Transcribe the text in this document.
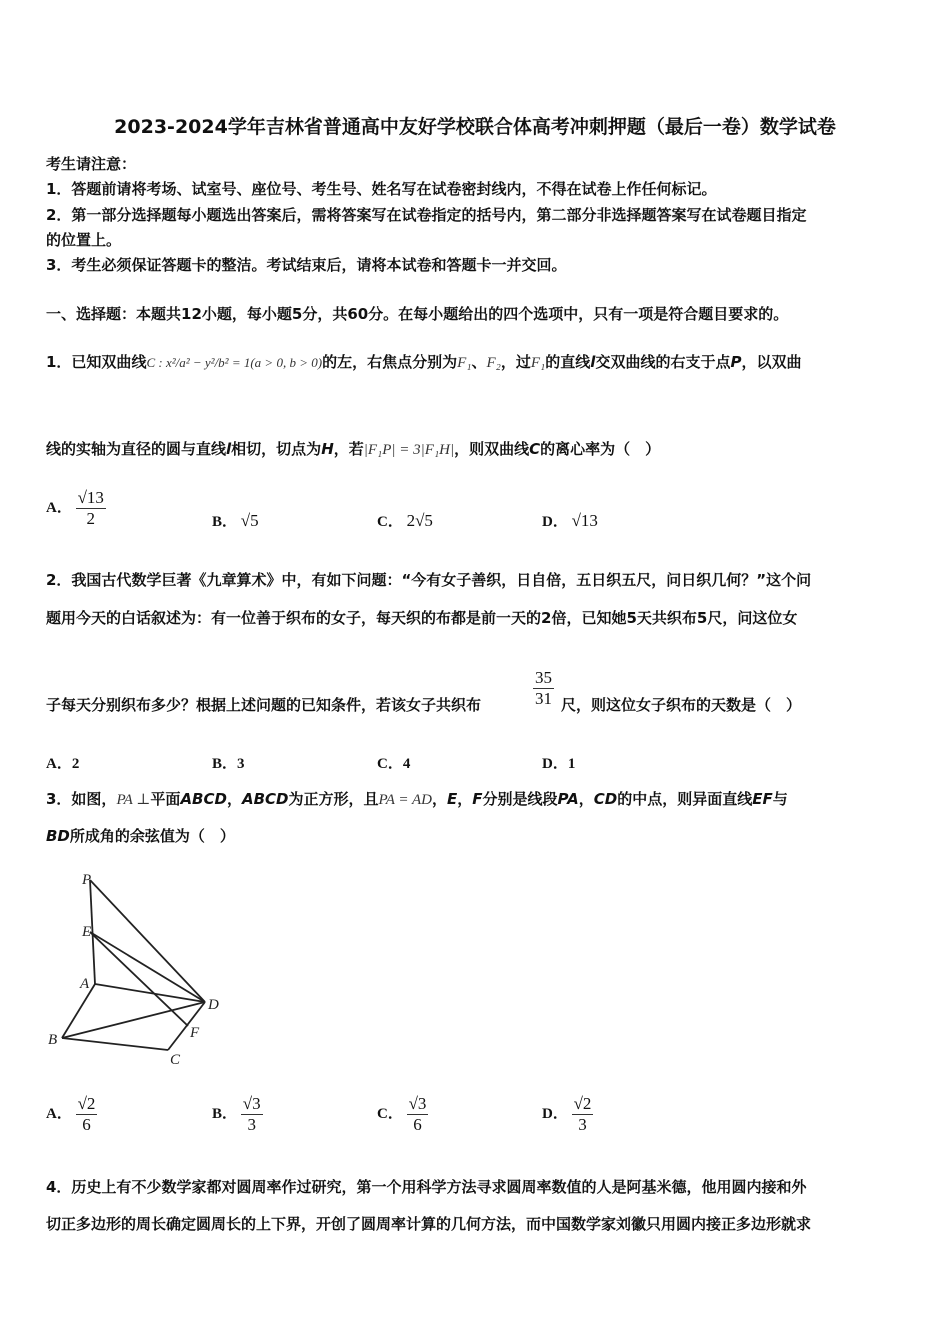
2023-2024学年吉林省普通高中友好学校联合体高考冲刺押题（最后一卷）数学试卷
考生请注意：
1．答题前请将考场、试室号、座位号、考生号、姓名写在试卷密封线内，不得在试卷上作任何标记。
2．第一部分选择题每小题选出答案后，需将答案写在试卷指定的括号内，第二部分非选择题答案写在试卷题目指定
的位置上。
3．考生必须保证答题卡的整洁。考试结束后，请将本试卷和答题卡一并交回。
一、选择题：本题共12小题，每小题5分，共60分。在每小题给出的四个选项中，只有一项是符合题目要求的。
1．已知双曲线C : x²/a² − y²/b² = 1(a > 0, b > 0)的左，右焦点分别为F₁、F₂，过F₁的直线l交双曲线的右支于点P，以双曲
线的实轴为直径的圆与直线l相切，切点为H，若|F₁P| = 3|F₁H|，则双曲线C的离心率为（　）
A． $\frac{√13}{2}$	B． √5	C． 2√5	D． √13
2．我国古代数学巨著《九章算术》中，有如下问题：“今有女子善织，日自倍，五日织五尺，问日织几何？”这个问
题用今天的白话叙述为：有一位善于织布的女子，每天织的布都是前一天的2倍，已知她5天共织布5尺，问这位女
子每天分别织布多少？根据上述问题的已知条件，若该女子共织布	$\frac{35}{31}$ 尺，则这位女子织布的天数是（　）
A．2	B．3	C．4	D．1
3．如图，PA ⊥平面ABCD，ABCD为正方形，且PA = AD，E，F分别是线段PA，CD的中点，则异面直线EF与
BD所成角的余弦值为（　）
P
E
A
D
B	F
C
A． $\frac{√2}{6}$	B． $\frac{√3}{3}$	C． $\frac{√3}{6}$	D． $\frac{√2}{3}$
4．历史上有不少数学家都对圆周率作过研究，第一个用科学方法寻求圆周率数值的人是阿基米德，他用圆内接和外
切正多边形的周长确定圆周长的上下界，开创了圆周率计算的几何方法，而中国数学家刘徽只用圆内接正多边形就求
